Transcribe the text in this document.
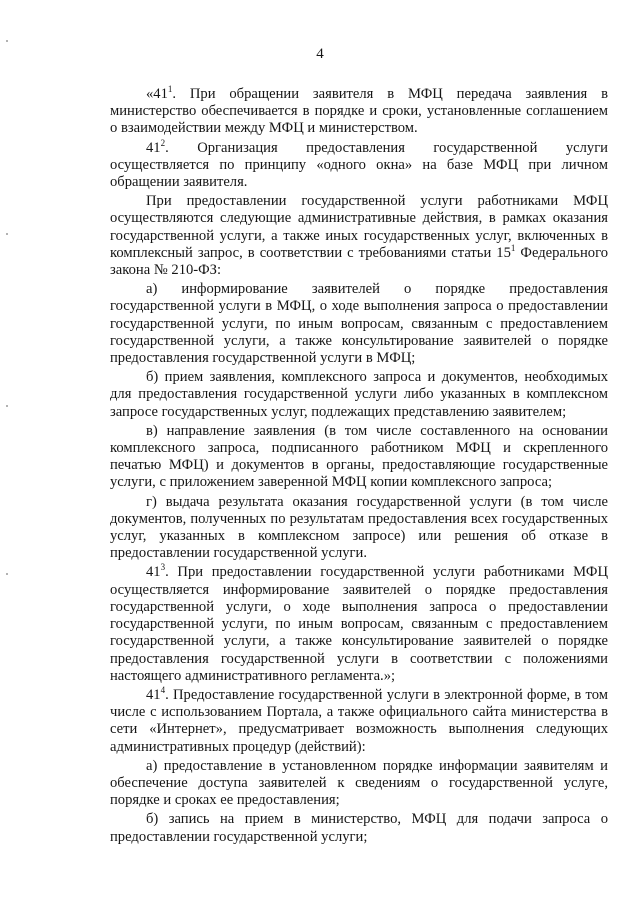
4

«$41^1$. При обращении заявителя в МФЦ передача заявления в министерство обеспечивается в порядке и сроки, установленные соглашением о взаимодействии между МФЦ и министерством.

$41^2$. Организация предоставления государственной услуги осуществляется по принципу «одного окна» на базе МФЦ при личном обращении заявителя.

При предоставлении государственной услуги работниками МФЦ осуществляются следующие административные действия, в рамках оказания государственной услуги, а также иных государственных услуг, включенных в комплексный запрос, в соответствии с требованиями статьи $15^1$ Федерального закона № 210-ФЗ:

а) информирование заявителей о порядке предоставления государственной услуги в МФЦ, о ходе выполнения запроса о предоставлении государственной услуги, по иным вопросам, связанным с предоставлением государственной услуги, а также консультирование заявителей о порядке предоставления государственной услуги в МФЦ;

б) прием заявления, комплексного запроса и документов, необходимых для предоставления государственной услуги либо указанных в комплексном запросе государственных услуг, подлежащих представлению заявителем;

в) направление заявления (в том числе составленного на основании комплексного запроса, подписанного работником МФЦ и скрепленного печатью МФЦ) и документов в органы, предоставляющие государственные услуги, с приложением заверенной МФЦ копии комплексного запроса;

г) выдача результата оказания государственной услуги (в том числе документов, полученных по результатам предоставления всех государственных услуг, указанных в комплексном запросе) или решения об отказе в предоставлении государственной услуги.

$41^3$. При предоставлении государственной услуги работниками МФЦ осуществляется информирование заявителей о порядке предоставления государственной услуги, о ходе выполнения запроса о предоставлении государственной услуги, по иным вопросам, связанным с предоставлением государственной услуги, а также консультирование заявителей о порядке предоставления государственной услуги в соответствии с положениями настоящего административного регламента.»;

$41^4$. Предоставление государственной услуги в электронной форме, в том числе с использованием Портала, а также официального сайта министерства в сети «Интернет», предусматривает возможность выполнения следующих административных процедур (действий):

а) предоставление в установленном порядке информации заявителям и обеспечение доступа заявителей к сведениям о государственной услуге, порядке и сроках ее предоставления;

б) запись на прием в министерство, МФЦ для подачи запроса о предоставлении государственной услуги;
